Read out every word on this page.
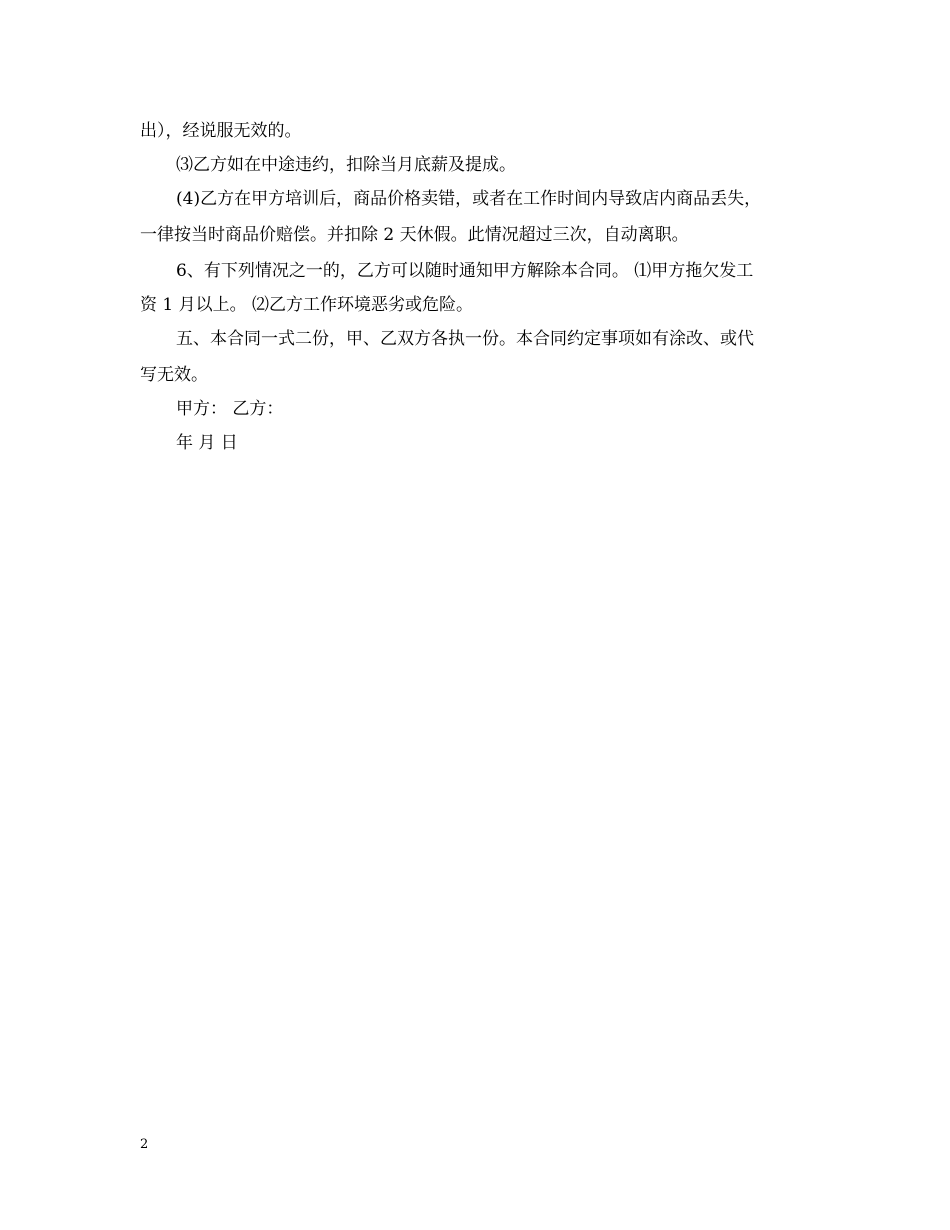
出），经说服无效的。
⑶乙方如在中途违约，扣除当月底薪及提成。
(4)乙方在甲方培训后，商品价格卖错，或者在工作时间内导致店内商品丢失，
一律按当时商品价赔偿。并扣除 2 天休假。此情况超过三次，自动离职。
6、有下列情况之一的，乙方可以随时通知甲方解除本合同。 ⑴甲方拖欠发工
资 1 月以上。 ⑵乙方工作环境恶劣或危险。
五、本合同一式二份，甲、乙双方各执一份。本合同约定事项如有涂改、或代
写无效。
甲方： 乙方：
年 月 日
2
